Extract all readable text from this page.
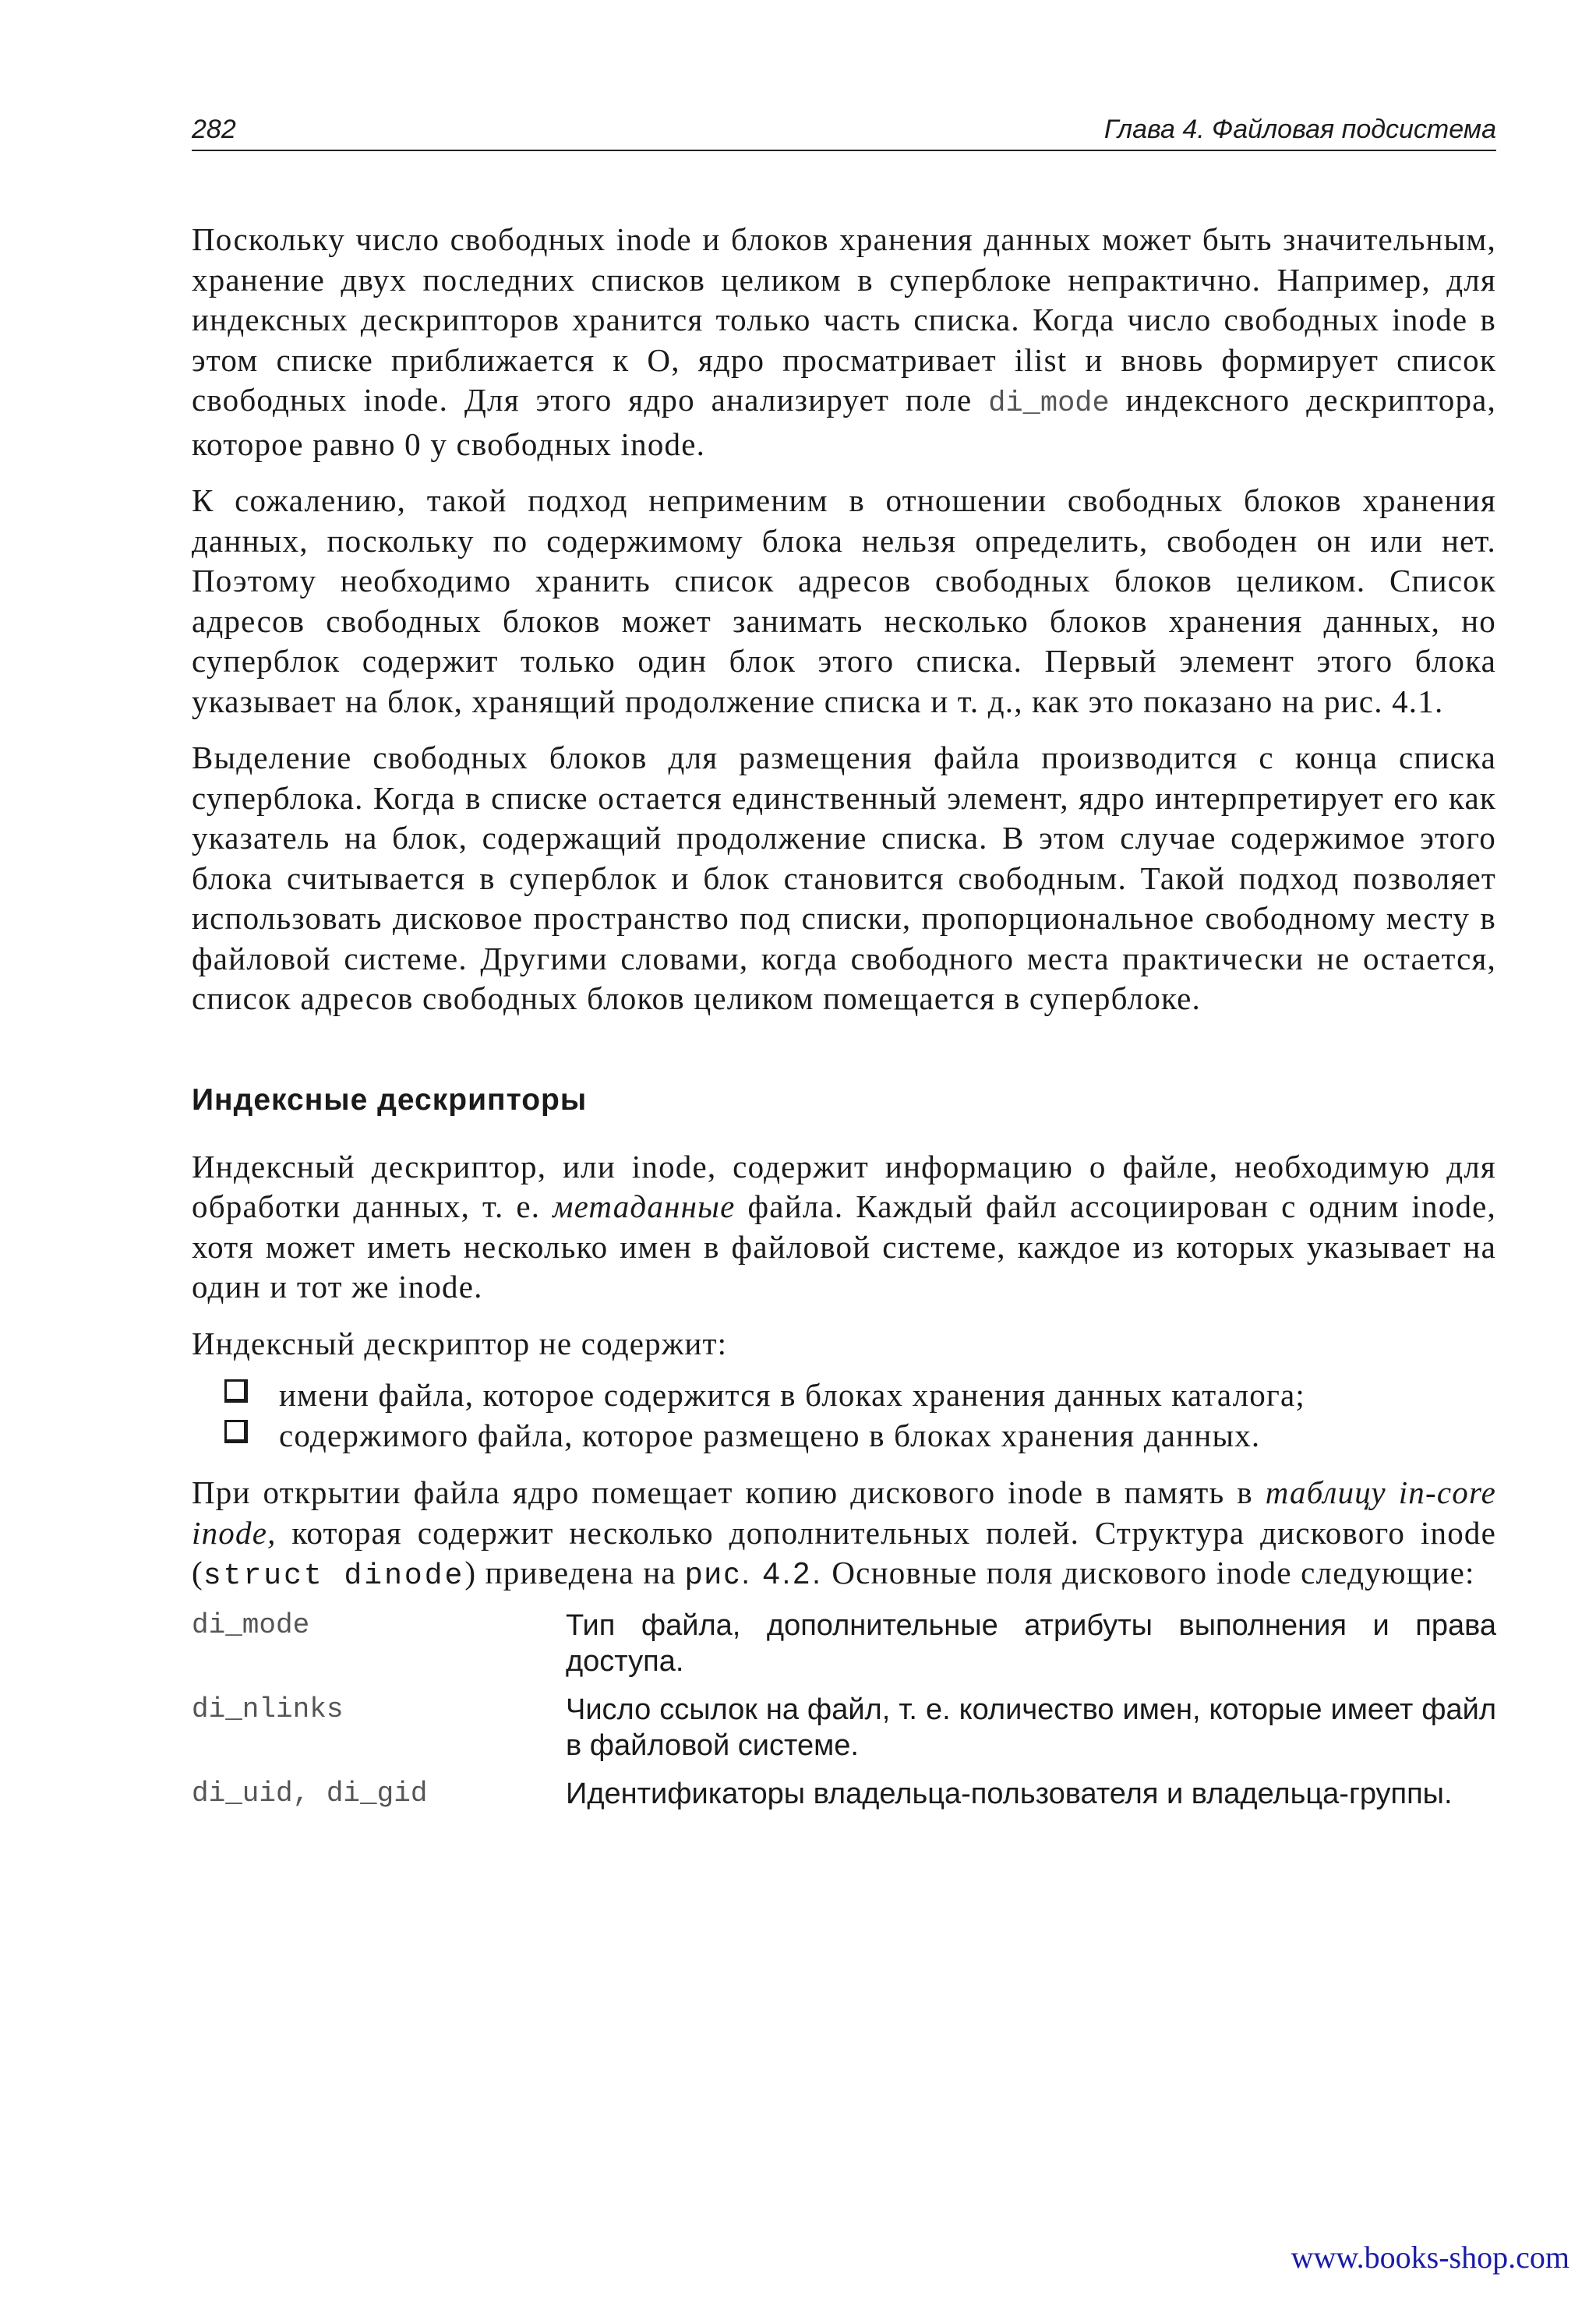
282	Глава 4. Файловая подсистема

Поскольку число свободных inode и блоков хранения данных может быть значительным, хранение двух последних списков целиком в суперблоке непрактично. Например, для индексных дескрипторов хранится только часть списка. Когда число свободных inode в этом списке приближается к О, ядро просматривает ilist и вновь формирует список свободных inode. Для этого ядро анализирует поле di_mode индексного дескриптора, которое равно 0 у свободных inode.

К сожалению, такой подход неприменим в отношении свободных блоков хранения данных, поскольку по содержимому блока нельзя определить, свободен он или нет. Поэтому необходимо хранить список адресов свободных блоков целиком. Список адресов свободных блоков может занимать несколько блоков хранения данных, но суперблок содержит только один блок этого списка. Первый элемент этого блока указывает на блок, хранящий продолжение списка и т. д., как это показано на рис. 4.1.

Выделение свободных блоков для размещения файла производится с конца списка суперблока. Когда в списке остается единственный элемент, ядро интерпретирует его как указатель на блок, содержащий продолжение списка. В этом случае содержимое этого блока считывается в суперблок и блок становится свободным. Такой подход позволяет использовать дисковое пространство под списки, пропорциональное свободному месту в файловой системе. Другими словами, когда свободного места практически не остается, список адресов свободных блоков целиком помещается в суперблоке.

Индексные дескрипторы

Индексный дескриптор, или inode, содержит информацию о файле, необходимую для обработки данных, т. е. метаданные файла. Каждый файл ассоциирован с одним inode, хотя может иметь несколько имен в файловой системе, каждое из которых указывает на один и тот же inode.

Индексный дескриптор не содержит:

имени файла, которое содержится в блоках хранения данных каталога;
содержимого файла, которое размещено в блоках хранения данных.

При открытии файла ядро помещает копию дискового inode в память в таблицу in-core inode, которая содержит несколько дополнительных полей. Структура дискового inode (struct dinode) приведена на рис. 4.2. Основные поля дискового inode следующие:

di_mode	Тип файла, дополнительные атрибуты выполнения и права доступа.
di_nlinks	Число ссылок на файл, т. е. количество имен, которые имеет файл в файловой системе.
di_uid, di_gid	Идентификаторы владельца-пользователя и владельца-группы.
www.books-shop.com
